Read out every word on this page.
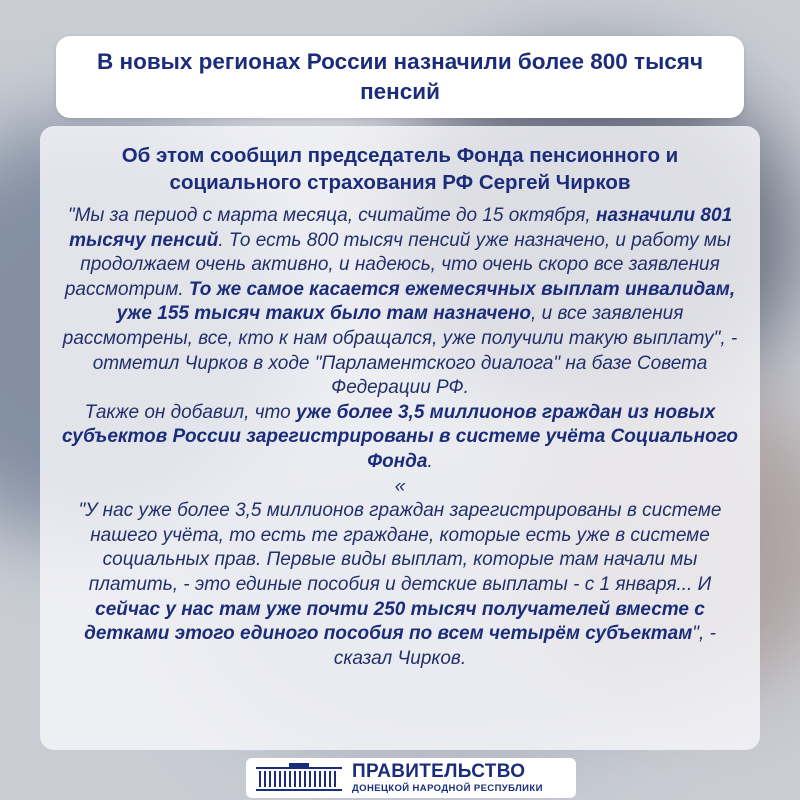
В новых регионах России назначили более 800 тысяч пенсий

Об этом сообщил председатель Фонда пенсионного и
социального страхования РФ Сергей Чирков

"Мы за период с марта месяца, считайте до 15 октября, назначили 801 тысячу пенсий. То есть 800 тысяч пенсий уже назначено, и работу мы продолжаем очень активно, и надеюсь, что очень скоро все заявления рассмотрим. То же самое касается ежемесячных выплат инвалидам, уже 155 тысяч таких было там назначено, и все заявления рассмотрены, все, кто к нам обращался, уже получили такую выплату", - отметил Чирков в ходе "Парламентского диалога" на базе Совета Федерации РФ.
Также он добавил, что уже более 3,5 миллионов граждан из новых субъектов России зарегистрированы в системе учёта Социального Фонда.
«
"У нас уже более 3,5 миллионов граждан зарегистрированы в системе нашего учёта, то есть те граждане, которые есть уже в системе социальных прав. Первые виды выплат, которые там начали мы платить, - это единые пособия и детские выплаты - с 1 января... И сейчас у нас там уже почти 250 тысяч получателей вместе с детками этого единого пособия по всем четырём субъектам", - сказал Чирков.

ПРАВИТЕЛЬСТВО
ДОНЕЦКОЙ НАРОДНОЙ РЕСПУБЛИКИ
